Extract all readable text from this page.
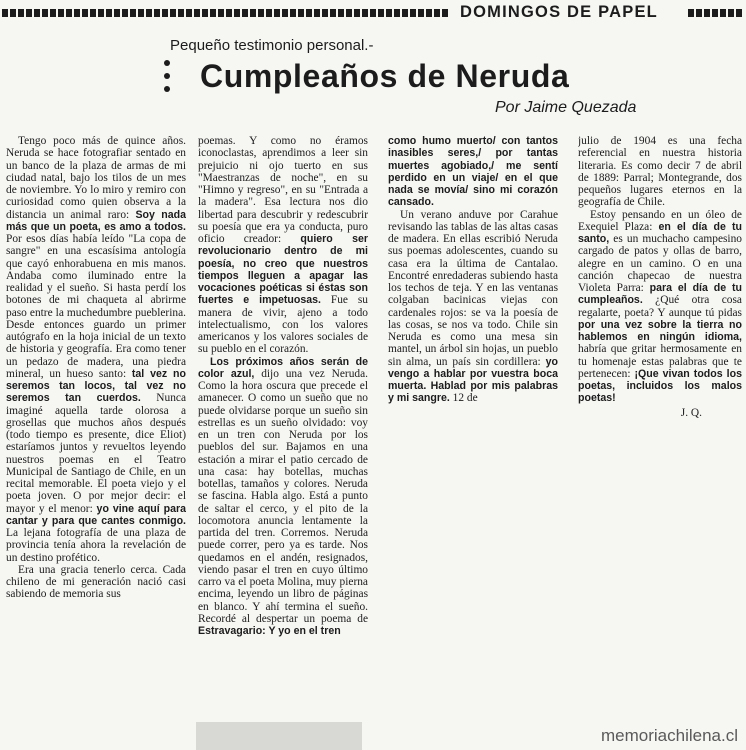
DOMINGOS DE PAPEL
Pequeño testimonio personal.-
Cumpleaños de Neruda
Por Jaime Quezada

Tengo poco más de quince años. Neruda se hace fotografiar sentado en un banco de la plaza de armas de mi ciudad natal, bajo los tilos de un mes de noviembre. Yo lo miro y remiro con curiosidad como quien observa a la distancia un animal raro: Soy nada más que un poeta, es amo a todos. Por esos días había leído "La copa de sangre" en una escasísima antología que cayó enhorabuena en mis manos. Andaba como iluminado entre la realidad y el sueño. Si hasta perdí los botones de mi chaqueta al abrirme paso entre la muchedumbre pueblerina. Desde entonces guardo un primer autógrafo en la hoja inicial de un texto de historia y geografía. Era como tener un pedazo de madera, una piedra mineral, un hueso santo: tal vez no seremos tan locos, tal vez no seremos tan cuerdos. Nunca imaginé aquella tarde olorosa a grosellas que muchos años después (todo tiempo es presente, dice Eliot) estaríamos juntos y revueltos leyendo nuestros poemas en el Teatro Municipal de Santiago de Chile, en un recital memorable. El poeta viejo y el poeta joven. O por mejor decir: el mayor y el menor: yo vine aquí para cantar y para que cantes conmigo. La lejana fotografía de una plaza de provincia tenía ahora la revelación de un destino profético.

Era una gracia tenerlo cerca. Cada chileno de mi generación nació casi sabiendo de memoria sus

poemas. Y como no éramos iconoclastas, aprendimos a leer sin prejuicio ni ojo tuerto en sus "Maestranzas de noche", en su "Himno y regreso", en su "Entrada a la madera". Esa lectura nos dio libertad para descubrir y redescubrir su poesía que era ya conducta, puro oficio creador: quiero ser revolucionario dentro de mi poesía, no creo que nuestros tiempos lleguen a apagar las vocaciones poéticas si éstas son fuertes e impetuosas. Fue su manera de vivir, ajeno a todo intelectualismo, con los valores americanos y los valores sociales de su pueblo en el corazón.

Los próximos años serán de color azul, dijo una vez Neruda. Como la hora oscura que precede el amanecer. O como un sueño que no puede olvidarse porque un sueño sin estrellas es un sueño olvidado: voy en un tren con Neruda por los pueblos del sur. Bajamos en una estación a mirar el patio cercado de una casa: hay botellas, muchas botellas, tamaños y colores. Neruda se fascina. Habla algo. Está a punto de saltar el cerco, y el pito de la locomotora anuncia lentamente la partida del tren. Corremos. Neruda puede correr, pero ya es tarde. Nos quedamos en el andén, resignados, viendo pasar el tren en cuyo último carro va el poeta Molina, muy pierna encima, leyendo un libro de páginas en blanco. Y ahí termina el sueño. Recordé al despertar un poema de Estravagario: Y yo en el tren

como humo muerto/ con tantos inasibles seres,/ por tantas muertes agobiado,/ me sentí perdido en un viaje/ en el que nada se movía/ sino mi corazón cansado.

Un verano anduve por Carahue revisando las tablas de las altas casas de madera. En ellas escribió Neruda sus poemas adolescentes, cuando su casa era la última de Cantalao. Encontré enredaderas subiendo hasta los techos de teja. Y en las ventanas colgaban bacinicas viejas con cardenales rojos: se va la poesía de las cosas, se nos va todo. Chile sin Neruda es como una mesa sin mantel, un árbol sin hojas, un pueblo sin alma, un país sin cordillera: yo vengo a hablar por vuestra boca muerta. Hablad por mis palabras y mi sangre. 12 de

julio de 1904 es una fecha referencial en nuestra historia literaria. Es como decir 7 de abril de 1889: Parral; Montegrande, dos pequeños lugares eternos en la geografía de Chile.

Estoy pensando en un óleo de Exequiel Plaza: en el día de tu santo, es un muchacho campesino cargado de patos y ollas de barro, alegre en un camino. O en una canción chapecao de nuestra Violeta Parra: para el día de tu cumpleaños. ¿Qué otra cosa regalarte, poeta? Y aunque tú pidas por una vez sobre la tierra no hablemos en ningún idioma, habría que gritar hermosamente en tu homenaje estas palabras que te pertenecen: ¡Que vivan todos los poetas, incluidos los malos poetas!

J. Q.
memoriachilena.cl
